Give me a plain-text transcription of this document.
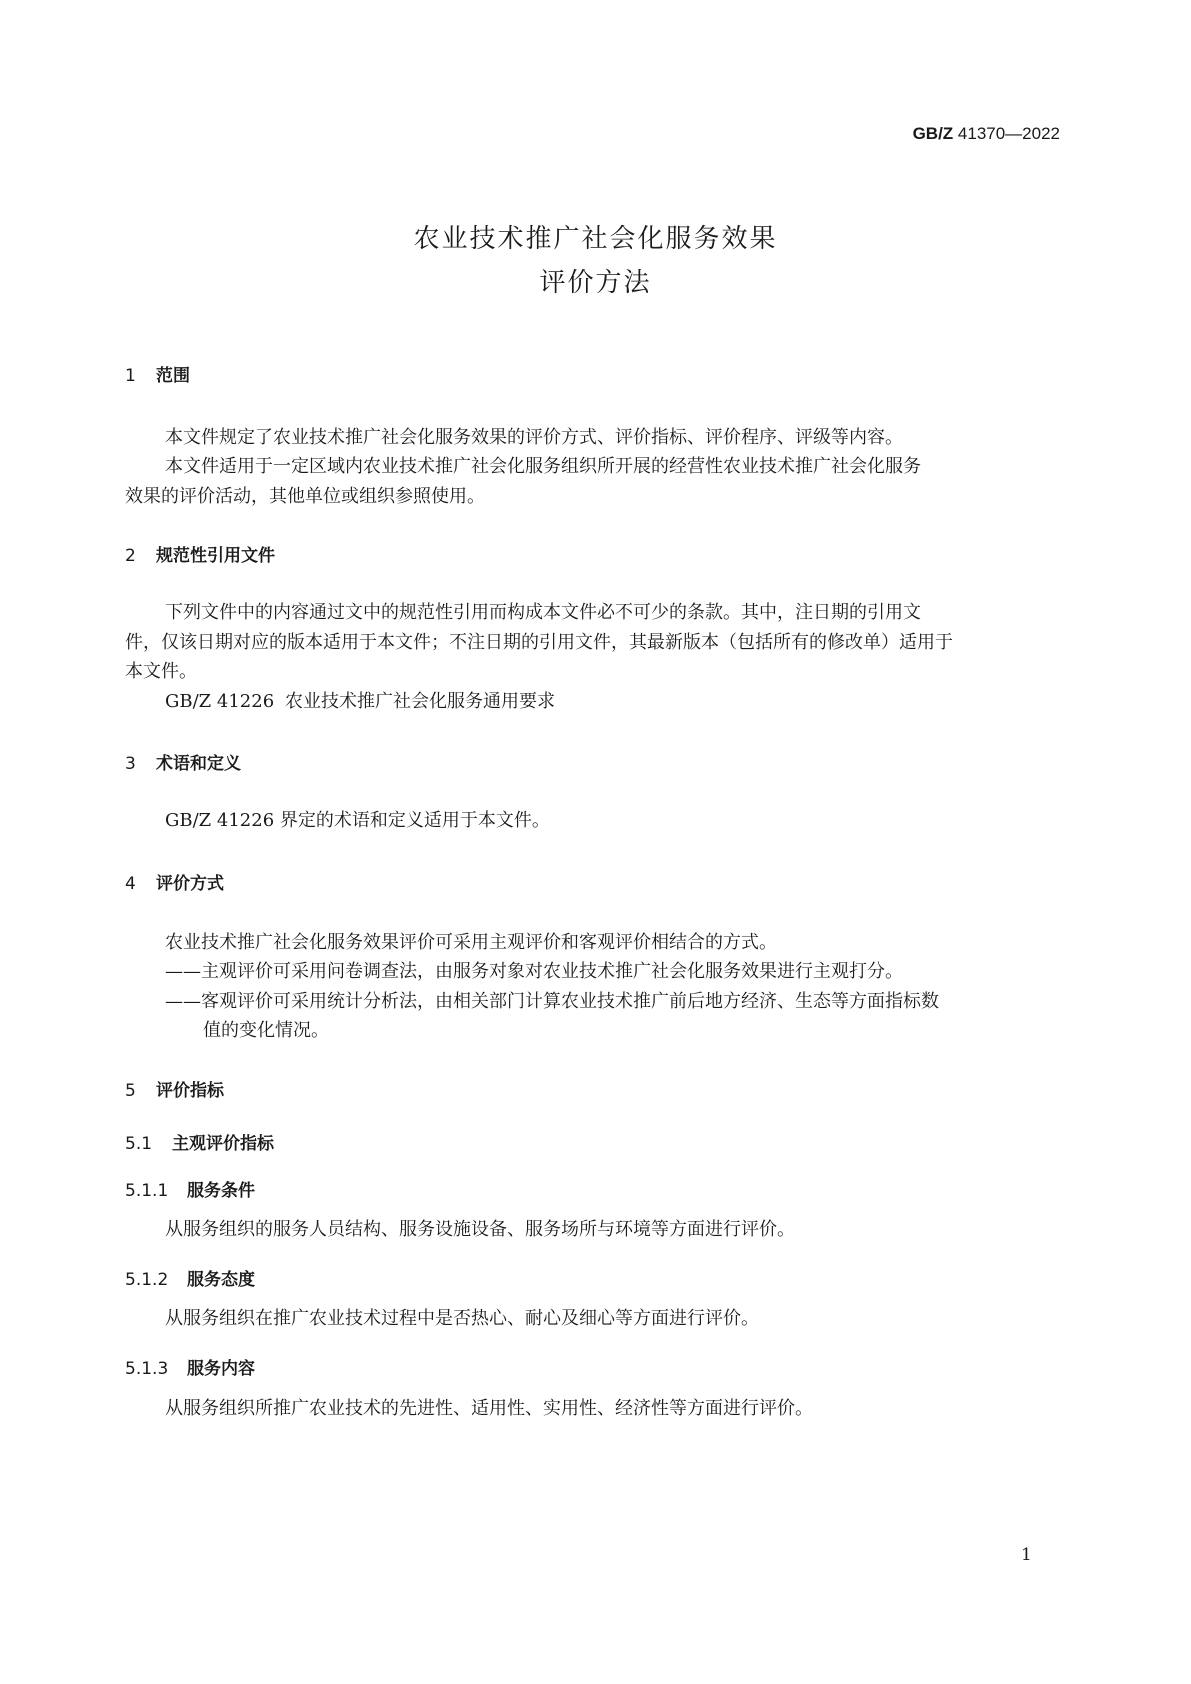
GB/Z 41370—2022
农业技术推广社会化服务效果
评价方法
1 范围
本文件规定了农业技术推广社会化服务效果的评价方式、评价指标、评价程序、评级等内容。
本文件适用于一定区域内农业技术推广社会化服务组织所开展的经营性农业技术推广社会化服务
效果的评价活动，其他单位或组织参照使用。
2 规范性引用文件
下列文件中的内容通过文中的规范性引用而构成本文件必不可少的条款。其中，注日期的引用文
件，仅该日期对应的版本适用于本文件；不注日期的引用文件，其最新版本（包括所有的修改单）适用于
本文件。
GB/Z 41226 农业技术推广社会化服务通用要求
3 术语和定义
GB/Z 41226 界定的术语和定义适用于本文件。
4 评价方式
农业技术推广社会化服务效果评价可采用主观评价和客观评价相结合的方式。
——主观评价可采用问卷调查法，由服务对象对农业技术推广社会化服务效果进行主观打分。
——客观评价可采用统计分析法，由相关部门计算农业技术推广前后地方经济、生态等方面指标数
值的变化情况。
5 评价指标
5.1 主观评价指标
5.1.1 服务条件
从服务组织的服务人员结构、服务设施设备、服务场所与环境等方面进行评价。
5.1.2 服务态度
从服务组织在推广农业技术过程中是否热心、耐心及细心等方面进行评价。
5.1.3 服务内容
从服务组织所推广农业技术的先进性、适用性、实用性、经济性等方面进行评价。
1
